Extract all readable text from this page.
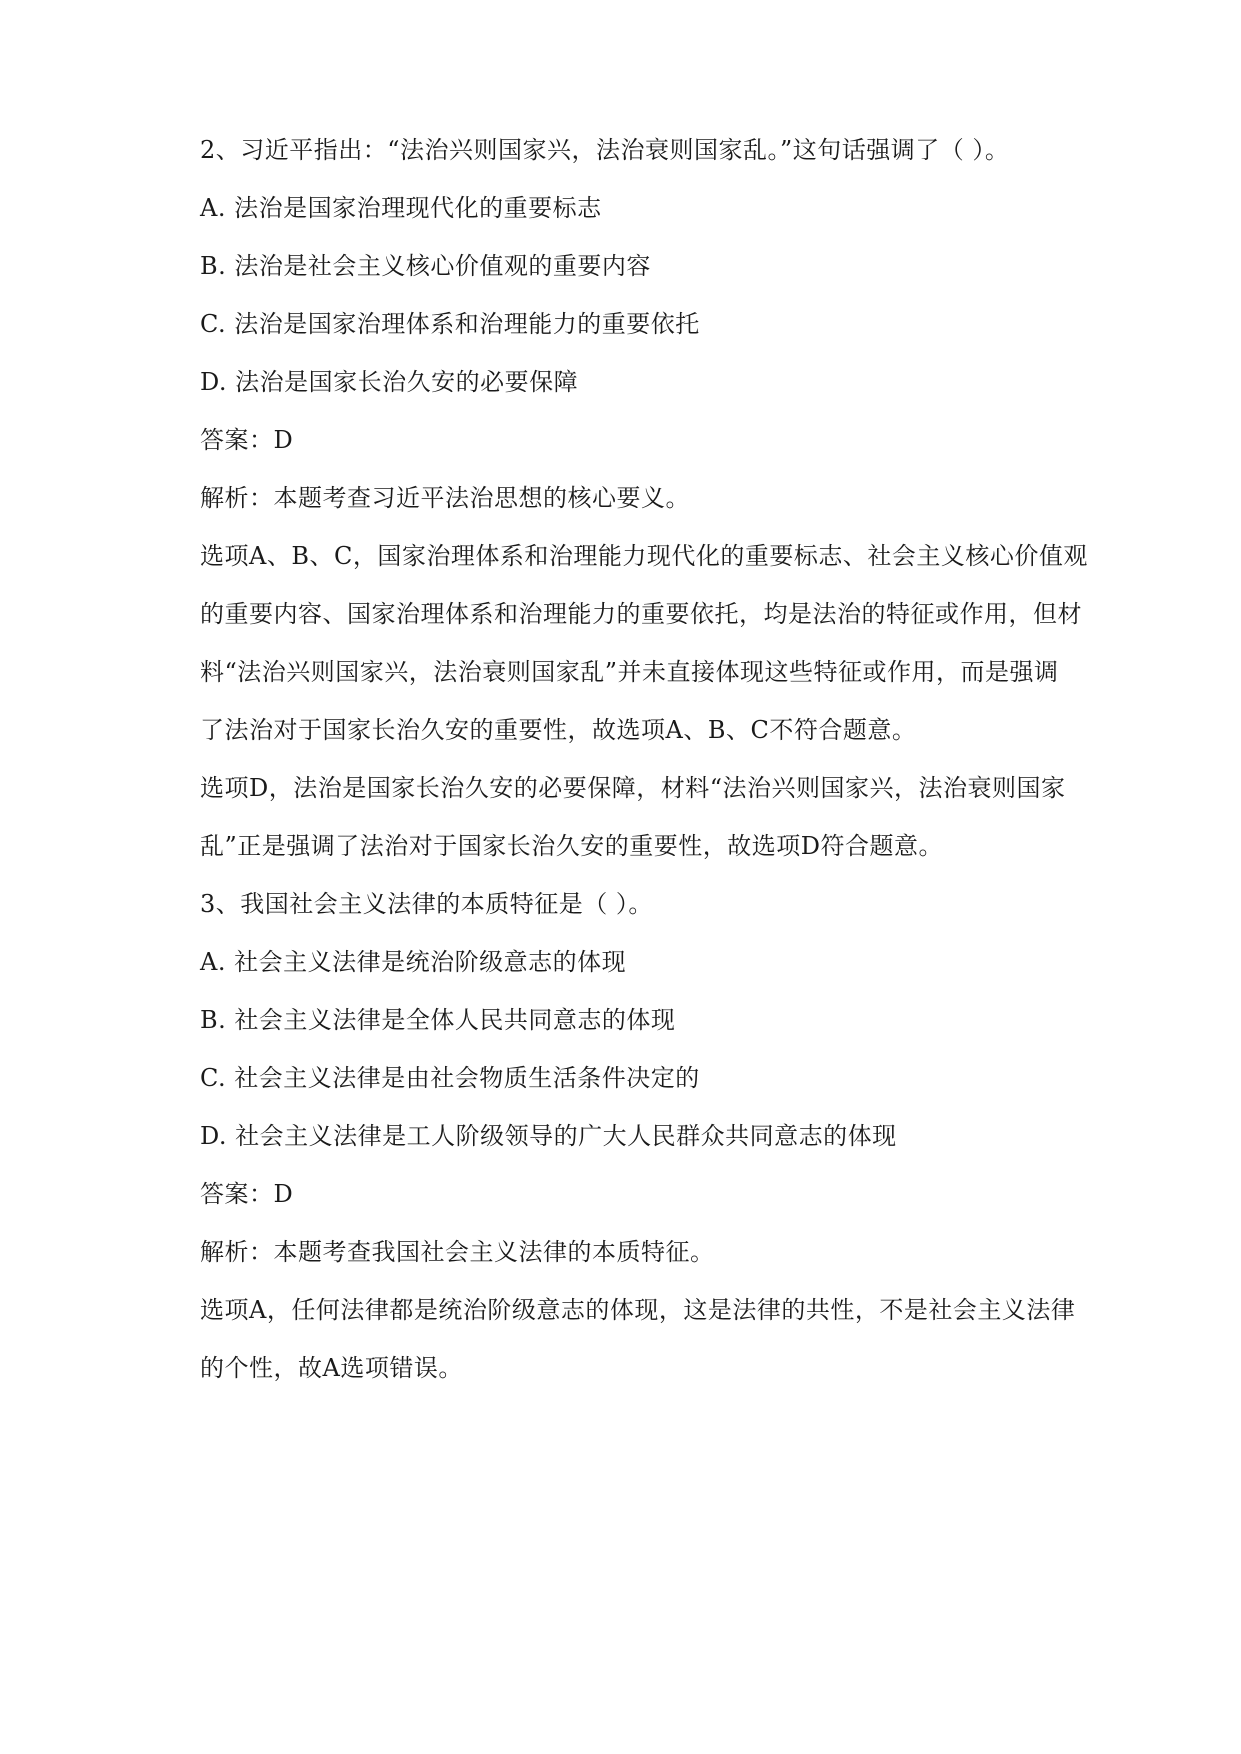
2、习近平指出：“法治兴则国家兴，法治衰则国家乱。”这句话强调了（ ）。
A. 法治是国家治理现代化的重要标志
B. 法治是社会主义核心价值观的重要内容
C. 法治是国家治理体系和治理能力的重要依托
D. 法治是国家长治久安的必要保障
答案：D
解析：本题考查习近平法治思想的核心要义。
选项A、B、C，国家治理体系和治理能力现代化的重要标志、社会主义核心价值观
的重要内容、国家治理体系和治理能力的重要依托，均是法治的特征或作用，但材
料“法治兴则国家兴，法治衰则国家乱”并未直接体现这些特征或作用，而是强调
了法治对于国家长治久安的重要性，故选项A、B、C不符合题意。
选项D，法治是国家长治久安的必要保障，材料“法治兴则国家兴，法治衰则国家
乱”正是强调了法治对于国家长治久安的重要性，故选项D符合题意。
3、我国社会主义法律的本质特征是（ ）。
A. 社会主义法律是统治阶级意志的体现
B. 社会主义法律是全体人民共同意志的体现
C. 社会主义法律是由社会物质生活条件决定的
D. 社会主义法律是工人阶级领导的广大人民群众共同意志的体现
答案：D
解析：本题考查我国社会主义法律的本质特征。
选项A，任何法律都是统治阶级意志的体现，这是法律的共性，不是社会主义法律
的个性，故A选项错误。
